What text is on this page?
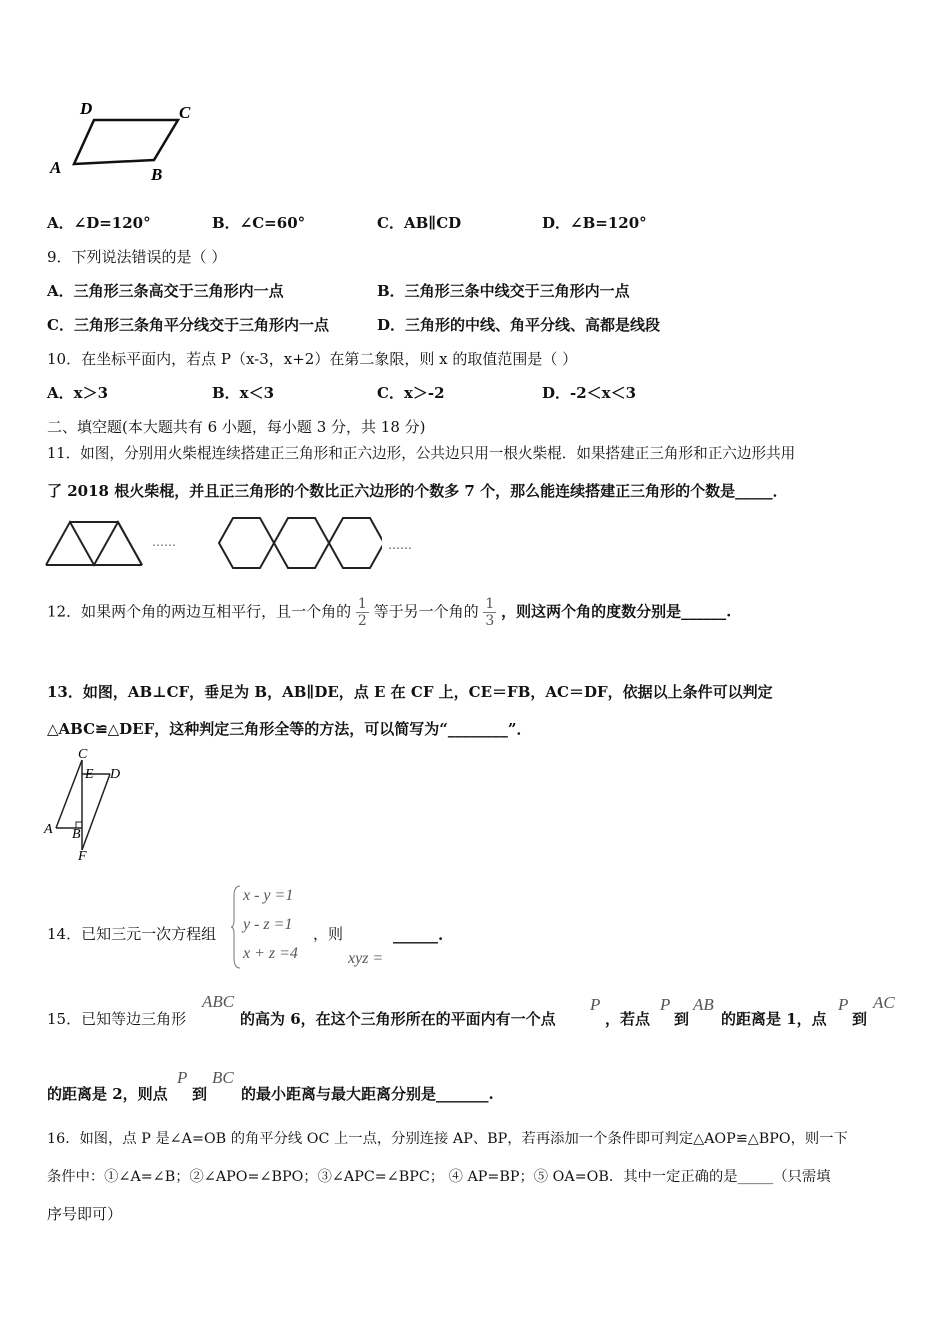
D	C
A	B
A．∠D=120°	B．∠C=60°	C．AB∥CD	D．∠B=120°
9．下列说法错误的是（ ）
A．三角形三条高交于三角形内一点	B．三角形三条中线交于三角形内一点
C．三角形三条角平分线交于三角形内一点	D．三角形的中线、角平分线、高都是线段
10．在坐标平面内，若点 P（x-3，x+2）在第二象限，则 x 的取值范围是（ ）
A．x＞3	B．x＜3	C．x＞-2	D．-2＜x＜3
二、填空题(本大题共有 6 小题，每小题 3 分，共 18 分)
11．如图，分别用火柴棍连续搭建正三角形和正六边形，公共边只用一根火柴棍．如果搭建正三角形和正六边形共用
了 2018 根火柴棍，并且正三角形的个数比正六边形的个数多 7 个，那么能连续搭建正三角形的个数是_____．
……	……
12．如果两个角的两边互相平行，且一个角的 $\frac{1}{2}$ 等于另一个角的 $\frac{1}{3}$ ，则这两个角的度数分别是______.
13．如图，AB⊥CF，垂足为 B，AB∥DE，点 E 在 CF 上，CE＝FB，AC＝DF，依据以上条件可以判定
△ABC≌△DEF，这种判定三角形全等的方法，可以简写为“________”．
C
E D
A B
F
14．已知三元一次方程组
x - y =1
y - z =1
x + z =4
，则	______.
xyz =
15．已知等边三角形
ABC
的高为 6，在这个三角形所在的平面内有一个点
P
，若点
P
到
AB
的距离是 1，点
P
到
AC
的距离是 2，则点
P
到
BC
的最小距离与最大距离分别是_______.
16．如图，点 P 是∠A=OB 的角平分线 OC 上一点，分别连接 AP、BP，若再添加一个条件即可判定△AOP≌△BPO，则一下
条件中：①∠A=∠B；②∠APO=∠BPO；③∠APC=∠BPC； ④ AP=BP；⑤ OA=OB．其中一定正确的是_____（只需填
序号即可）
